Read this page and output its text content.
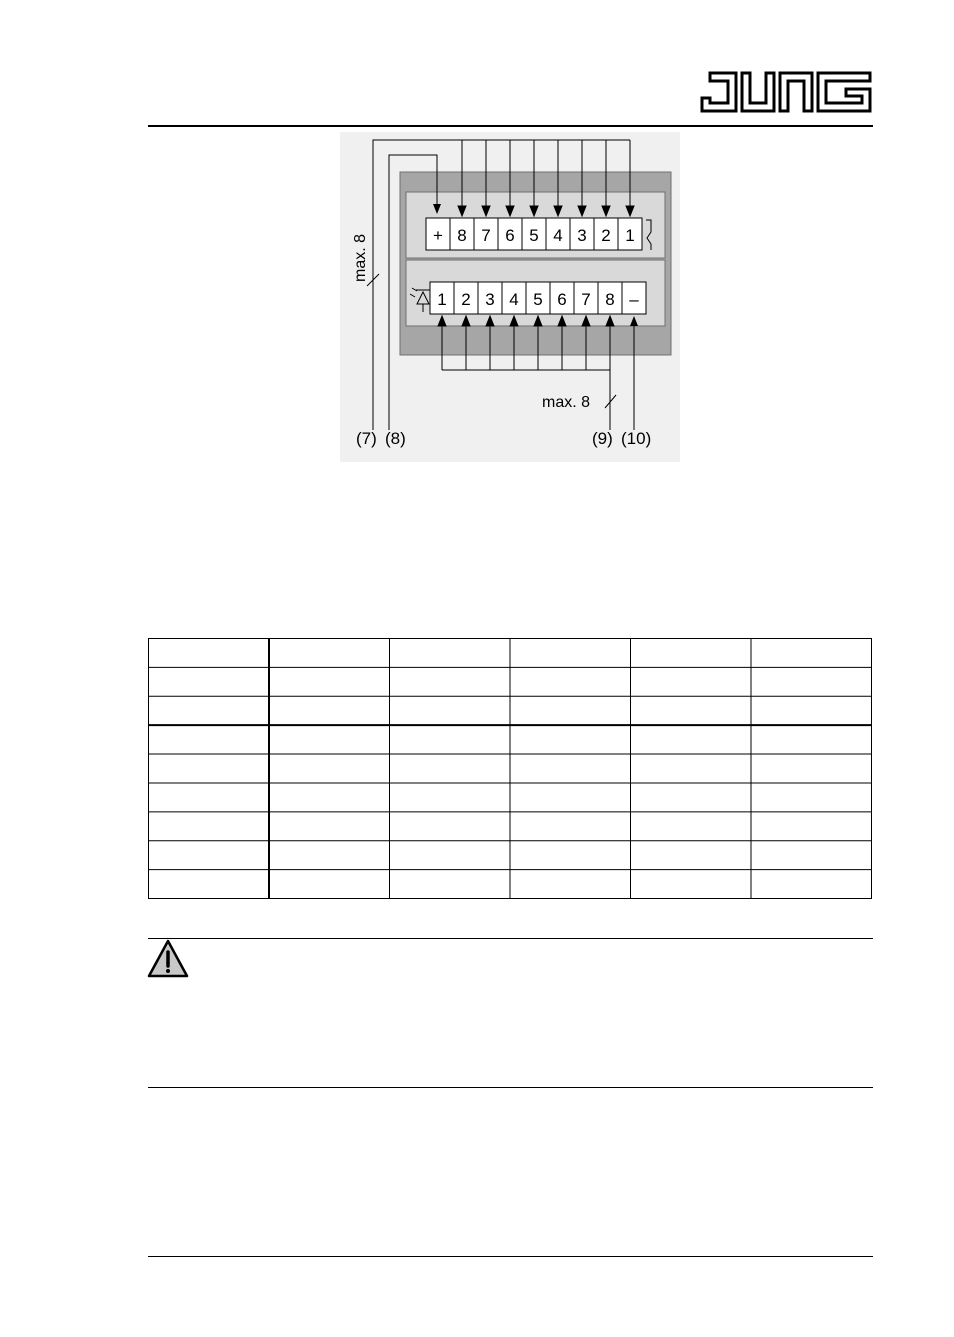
+ 8 7 6 5 4 3 2 1
1 2 3 4 5 6 7 8 –
max. 8
max. 8
(7) (8)	(9) (10)
